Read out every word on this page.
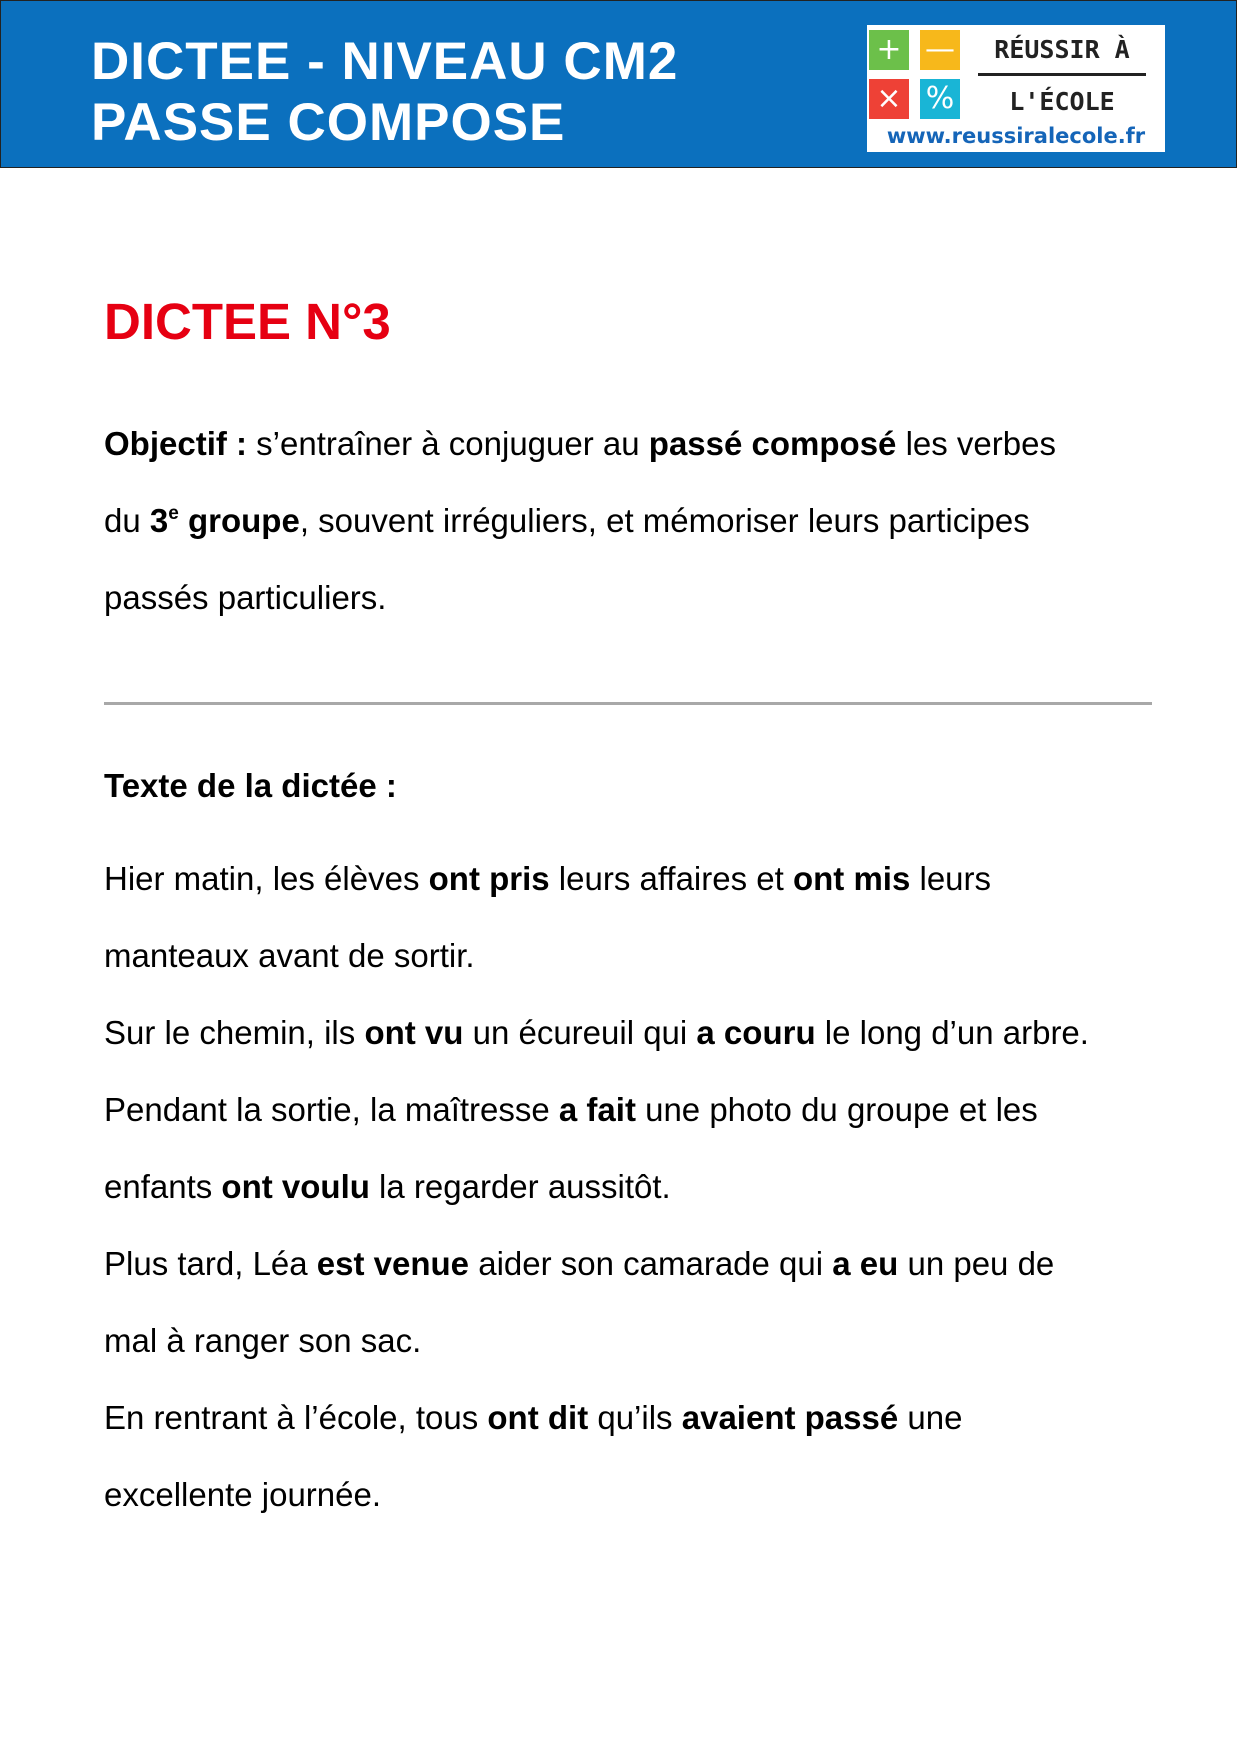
DICTEE - NIVEAU CM2
PASSE COMPOSE
+ —
× %
RÉUSSIR À
L'ÉCOLE
www.reussiralecole.fr
DICTEE N°3
Objectif : s’entraîner à conjuguer au passé composé les verbes
du 3e groupe, souvent irréguliers, et mémoriser leurs participes
passés particuliers.
Texte de la dictée :
Hier matin, les élèves ont pris leurs affaires et ont mis leurs
manteaux avant de sortir.
Sur le chemin, ils ont vu un écureuil qui a couru le long d’un arbre.
Pendant la sortie, la maîtresse a fait une photo du groupe et les
enfants ont voulu la regarder aussitôt.
Plus tard, Léa est venue aider son camarade qui a eu un peu de
mal à ranger son sac.
En rentrant à l’école, tous ont dit qu’ils avaient passé une
excellente journée.
